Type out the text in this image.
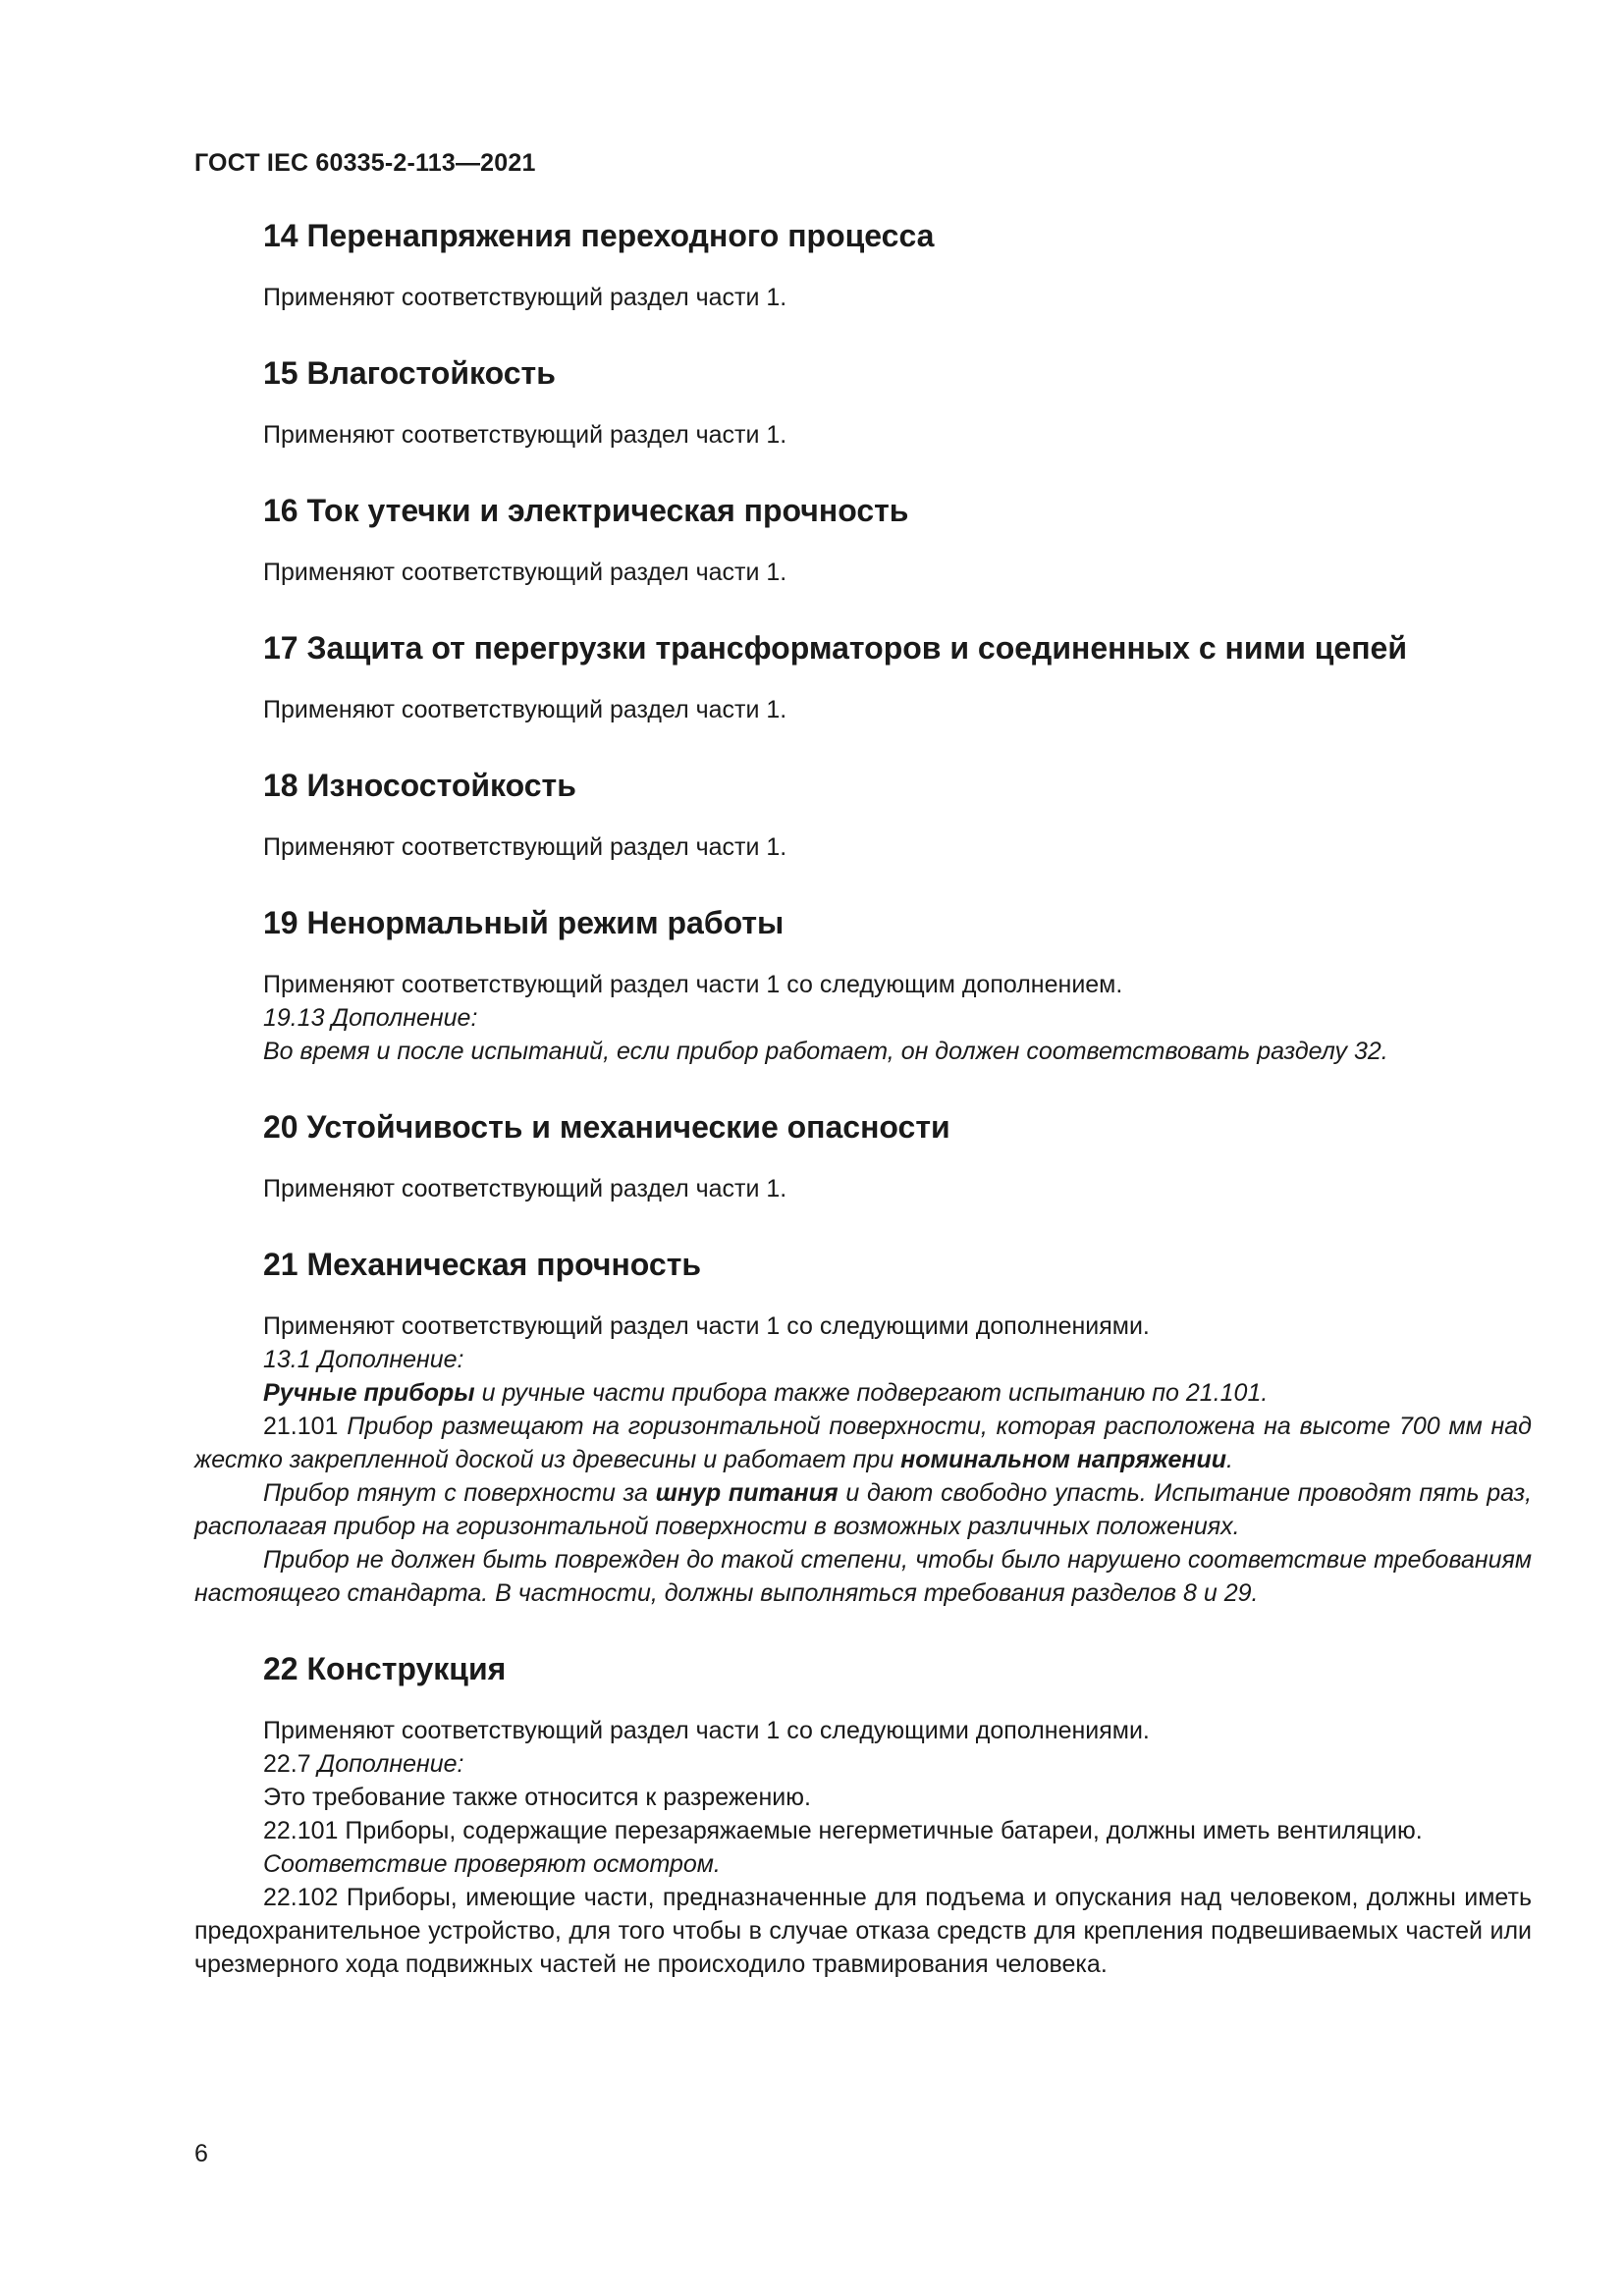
ГОСТ IEC 60335-2-113—2021
14 Перенапряжения переходного процесса

Применяют соответствующий раздел части 1.

15 Влагостойкость

Применяют соответствующий раздел части 1.

16 Ток утечки и электрическая прочность

Применяют соответствующий раздел части 1.

17 Защита от перегрузки трансформаторов и соединенных с ними цепей

Применяют соответствующий раздел части 1.

18 Износостойкость

Применяют соответствующий раздел части 1.

19 Ненормальный режим работы

Применяют соответствующий раздел части 1 со следующим дополнением.

19.13 Дополнение:

Во время и после испытаний, если прибор работает, он должен соответствовать разделу 32.

20 Устойчивость и механические опасности

Применяют соответствующий раздел части 1.

21 Механическая прочность

Применяют соответствующий раздел части 1 со следующими дополнениями.

13.1 Дополнение:

Ручные приборы и ручные части прибора также подвергают испытанию по 21.101.

21.101 Прибор размещают на горизонтальной поверхности, которая расположена на высоте 700 мм над жестко закрепленной доской из древесины и работает при номинальном напряжении.

Прибор тянут с поверхности за шнур питания и дают свободно упасть. Испытание проводят пять раз, располагая прибор на горизонтальной поверхности в возможных различных положениях.

Прибор не должен быть поврежден до такой степени, чтобы было нарушено соответствие требованиям настоящего стандарта. В частности, должны выполняться требования разделов 8 и 29.

22 Конструкция

Применяют соответствующий раздел части 1 со следующими дополнениями.

22.7 Дополнение:

Это требование также относится к разрежению.

22.101 Приборы, содержащие перезаряжаемые негерметичные батареи, должны иметь вентиляцию.

Соответствие проверяют осмотром.

22.102 Приборы, имеющие части, предназначенные для подъема и опускания над человеком, должны иметь предохранительное устройство, для того чтобы в случае отказа средств для крепления подвешиваемых частей или чрезмерного хода подвижных частей не происходило травмирования человека.

6
